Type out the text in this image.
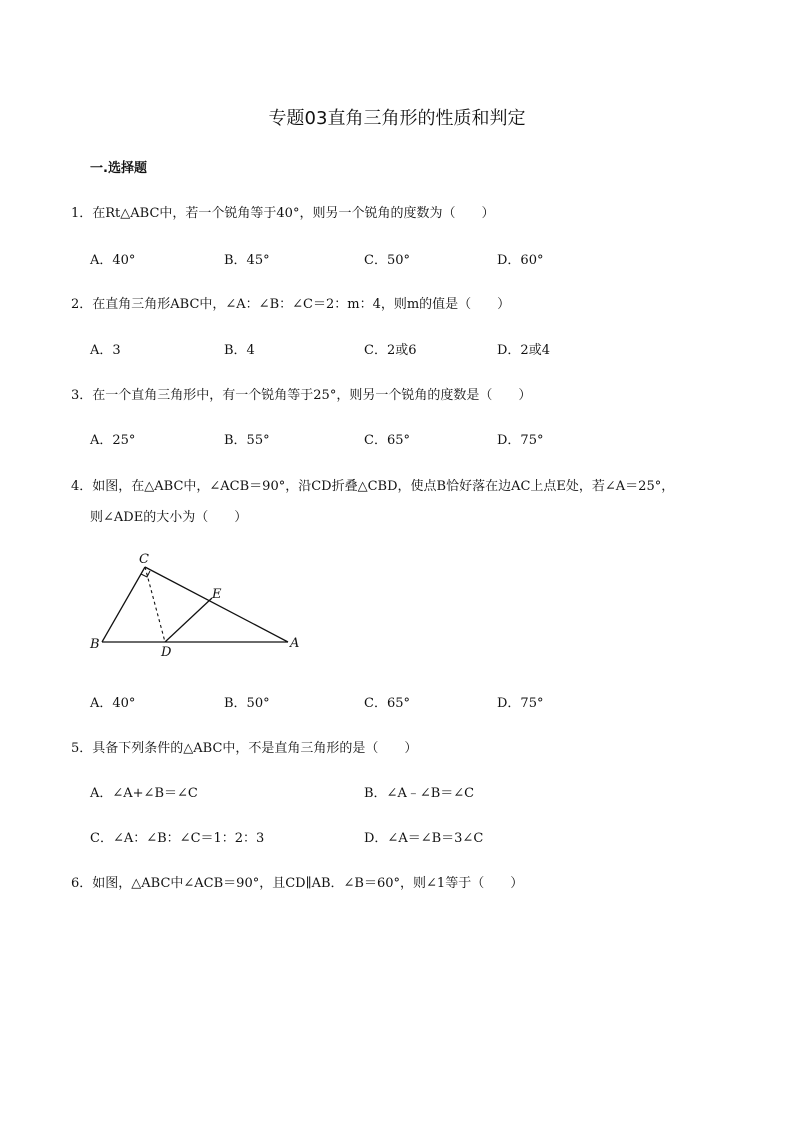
专题03直角三角形的性质和判定
一.选择题
1．在Rt△ABC中，若一个锐角等于40°，则另一个锐角的度数为（　　）
A．40°	B．45°	C．50°	D．60°
2．在直角三角形ABC中，∠A：∠B：∠C＝2：m：4，则m的值是（　　）
A．3	B．4	C．2或6	D．2或4
3．在一个直角三角形中，有一个锐角等于25°，则另一个锐角的度数是（　　）
A．25°	B．55°	C．65°	D．75°
4．如图，在△ABC中，∠ACB＝90°，沿CD折叠△CBD，使点B恰好落在边AC上点E处，若∠A＝25°，
则∠ADE的大小为（　　）
C
E
B
D
A
A．40°	B．50°	C．65°	D．75°
5．具备下列条件的△ABC中，不是直角三角形的是（　　）
A．∠A+∠B＝∠C	B．∠A﹣∠B＝∠C
C．∠A：∠B：∠C＝1：2：3	D．∠A＝∠B＝3∠C
6．如图，△ABC中∠ACB＝90°，且CD∥AB．∠B＝60°，则∠1等于（　　）
